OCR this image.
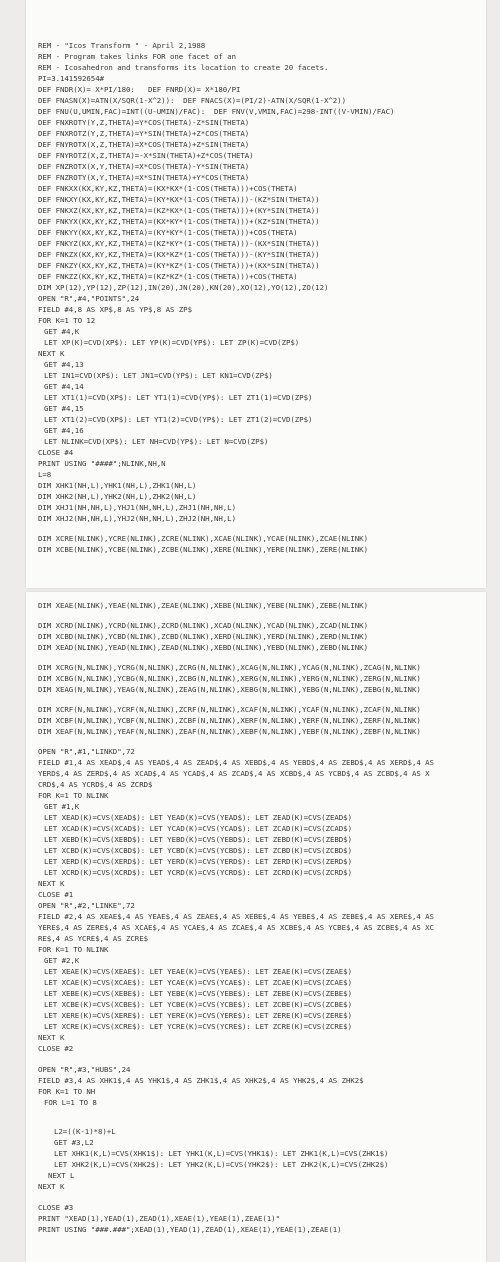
REM - "Icos Transform " - April 2,1988
REM - Program takes links FOR one facet of an
REM - Icosahedron and transforms its location to create 20 facets.
PI=3.141592654#
DEF FNDR(X)= X*PI/180:   DEF FNRD(X)= X*180/PI
DEF FNASN(X)=ATN(X/SQR(1-X^2)):  DEF FNACS(X)=(PI/2)-ATN(X/SQR(1-X^2))
DEF FNU(U,UMIN,FAC)=INT((U-UMIN)/FAC):  DEF FNV(V,VMIN,FAC)=298-INT((V-VMIN)/FAC)
DEF FNXROTY(Y,Z,THETA)=Y*COS(THETA)-Z*SIN(THETA)
DEF FNXROTZ(Y,Z,THETA)=Y*SIN(THETA)+Z*COS(THETA)
DEF FNYROTX(X,Z,THETA)=X*COS(THETA)+Z*SIN(THETA)
DEF FNYROTZ(X,Z,THETA)=-X*SIN(THETA)+Z*COS(THETA)
DEF FNZROTX(X,Y,THETA)=X*COS(THETA)-Y*SIN(THETA)
DEF FNZROTY(X,Y,THETA)=X*SIN(THETA)+Y*COS(THETA)
DEF FNKXX(KX,KY,KZ,THETA)=(KX*KX*(1-COS(THETA)))+COS(THETA)
DEF FNKXY(KX,KY,KZ,THETA)=(KY*KX*(1-COS(THETA)))-(KZ*SIN(THETA))
DEF FNKXZ(KX,KY,KZ,THETA)=(KZ*KX*(1-COS(THETA)))+(KY*SIN(THETA))
DEF FNKYX(KX,KY,KZ,THETA)=(KX*KY*(1-COS(THETA)))+(KZ*SIN(THETA))
DEF FNKYY(KX,KY,KZ,THETA)=(KY*KY*(1-COS(THETA)))+COS(THETA)
DEF FNKYZ(KX,KY,KZ,THETA)=(KZ*KY*(1-COS(THETA)))-(KX*SIN(THETA))
DEF FNKZX(KX,KY,KZ,THETA)=(KX*KZ*(1-COS(THETA)))-(KY*SIN(THETA))
DEF FNKZY(KX,KY,KZ,THETA)=(KY*KZ*(1-COS(THETA)))+(KX*SIN(THETA))
DEF FNKZZ(KX,KY,KZ,THETA)=(KZ*KZ*(1-COS(THETA)))+COS(THETA)
DIM XP(12),YP(12),ZP(12),IN(20),JN(20),KN(20),XO(12),YO(12),ZO(12)
OPEN "R",#4,"POINTS",24
FIELD #4,8 AS XP$,8 AS YP$,8 AS ZP$
FOR K=1 TO 12
GET #4,K
LET XP(K)=CVD(XP$): LET YP(K)=CVD(YP$): LET ZP(K)=CVD(ZP$)
NEXT K
GET #4,13
LET IN1=CVD(XP$): LET JN1=CVD(YP$): LET KN1=CVD(ZP$)
GET #4,14
LET XT1(1)=CVD(XP$): LET YT1(1)=CVD(YP$): LET ZT1(1)=CVD(ZP$)
GET #4,15
LET XT1(2)=CVD(XP$): LET YT1(2)=CVD(YP$): LET ZT1(2)=CVD(ZP$)
GET #4,16
LET NLINK=CVD(XP$): LET NH=CVD(YP$): LET N=CVD(ZP$)
CLOSE #4
PRINT USING "####";NLINK,NH,N
L=8
DIM XHK1(NH,L),YHK1(NH,L),ZHK1(NH,L)
DIM XHK2(NH,L),YHK2(NH,L),ZHK2(NH,L)
DIM XHJ1(NH,NH,L),YHJ1(NH,NH,L),ZHJ1(NH,NH,L)
DIM XHJ2(NH,NH,L),YHJ2(NH,NH,L),ZHJ2(NH,NH,L)
DIM XCRE(NLINK),YCRE(NLINK),ZCRE(NLINK),XCAE(NLINK),YCAE(NLINK),ZCAE(NLINK)
DIM XCBE(NLINK),YCBE(NLINK),ZCBE(NLINK),XERE(NLINK),YERE(NLINK),ZERE(NLINK)
DIM XEAE(NLINK),YEAE(NLINK),ZEAE(NLINK),XEBE(NLINK),YEBE(NLINK),ZEBE(NLINK)
DIM XCRD(NLINK),YCRD(NLINK),ZCRD(NLINK),XCAD(NLINK),YCAD(NLINK),ZCAD(NLINK)
DIM XCBD(NLINK),YCBD(NLINK),ZCBD(NLINK),XERD(NLINK),YERD(NLINK),ZERD(NLINK)
DIM XEAD(NLINK),YEAD(NLINK),ZEAD(NLINK),XEBD(NLINK),YEBD(NLINK),ZEBD(NLINK)
DIM XCRG(N,NLINK),YCRG(N,NLINK),ZCRG(N,NLINK),XCAG(N,NLINK),YCAG(N,NLINK),ZCAG(N,NLINK)
DIM XCBG(N,NLINK),YCBG(N,NLINK),ZCBG(N,NLINK),XERG(N,NLINK),YERG(N,NLINK),ZERG(N,NLINK)
DIM XEAG(N,NLINK),YEAG(N,NLINK),ZEAG(N,NLINK),XEBG(N,NLINK),YEBG(N,NLINK),ZEBG(N,NLINK)
DIM XCRF(N,NLINK),YCRF(N,NLINK),ZCRF(N,NLINK),XCAF(N,NLINK),YCAF(N,NLINK),ZCAF(N,NLINK)
DIM XCBF(N,NLINK),YCBF(N,NLINK),ZCBF(N,NLINK),XERF(N,NLINK),YERF(N,NLINK),ZERF(N,NLINK)
DIM XEAF(N,NLINK),YEAF(N,NLINK),ZEAF(N,NLINK),XEBF(N,NLINK),YEBF(N,NLINK),ZEBF(N,NLINK)
OPEN "R",#1,"LINKD",72
FIELD #1,4 AS XEAD$,4 AS YEAD$,4 AS ZEAD$,4 AS XEBD$,4 AS YEBD$,4 AS ZEBD$,4 AS XERD$,4 AS
YERD$,4 AS ZERD$,4 AS XCAD$,4 AS YCAD$,4 AS ZCAD$,4 AS XCBD$,4 AS YCBD$,4 AS ZCBD$,4 AS X
CRD$,4 AS YCRD$,4 AS ZCRD$
FOR K=1 TO NLINK
GET #1,K
LET XEAD(K)=CVS(XEAD$): LET YEAD(K)=CVS(YEAD$): LET ZEAD(K)=CVS(ZEAD$)
LET XCAD(K)=CVS(XCAD$): LET YCAD(K)=CVS(YCAD$): LET ZCAD(K)=CVS(ZCAD$)
LET XEBD(K)=CVS(XEBD$): LET YEBD(K)=CVS(YEBD$): LET ZEBD(K)=CVS(ZEBD$)
LET XCBD(K)=CVS(XCBD$): LET YCBD(K)=CVS(YCBD$): LET ZCBD(K)=CVS(ZCBD$)
LET XERD(K)=CVS(XERD$): LET YERD(K)=CVS(YERD$): LET ZERD(K)=CVS(ZERD$)
LET XCRD(K)=CVS(XCRD$): LET YCRD(K)=CVS(YCRD$): LET ZCRD(K)=CVS(ZCRD$)
NEXT K
CLOSE #1
OPEN "R",#2,"LINKE",72
FIELD #2,4 AS XEAE$,4 AS YEAE$,4 AS ZEAE$,4 AS XEBE$,4 AS YEBE$,4 AS ZEBE$,4 AS XERE$,4 AS
YERE$,4 AS ZERE$,4 AS XCAE$,4 AS YCAE$,4 AS ZCAE$,4 AS XCBE$,4 AS YCBE$,4 AS ZCBE$,4 AS XC
RE$,4 AS YCRE$,4 AS ZCRE$
FOR K=1 TO NLINK
GET #2,K
LET XEAE(K)=CVS(XEAE$): LET YEAE(K)=CVS(YEAE$): LET ZEAE(K)=CVS(ZEAE$)
LET XCAE(K)=CVS(XCAE$): LET YCAE(K)=CVS(YCAE$): LET ZCAE(K)=CVS(ZCAE$)
LET XEBE(K)=CVS(XEBE$): LET YEBE(K)=CVS(YEBE$): LET ZEBE(K)=CVS(ZEBE$)
LET XCBE(K)=CVS(XCBE$): LET YCBE(K)=CVS(YCBE$): LET ZCBE(K)=CVS(ZCBE$)
LET XERE(K)=CVS(XERE$): LET YERE(K)=CVS(YERE$): LET ZERE(K)=CVS(ZERE$)
LET XCRE(K)=CVS(XCRE$): LET YCRE(K)=CVS(YCRE$): LET ZCRE(K)=CVS(ZCRE$)
NEXT K
CLOSE #2
OPEN "R",#3,"HUBS",24
FIELD #3,4 AS XHK1$,4 AS YHK1$,4 AS ZHK1$,4 AS XHK2$,4 AS YHK2$,4 AS ZHK2$
FOR K=1 TO NH
FOR L=1 TO 8
L2=((K-1)*8)+L
GET #3,L2
LET XHK1(K,L)=CVS(XHK1$): LET YHK1(K,L)=CVS(YHK1$): LET ZHK1(K,L)=CVS(ZHK1$)
LET XHK2(K,L)=CVS(XHK2$): LET YHK2(K,L)=CVS(YHK2$): LET ZHK2(K,L)=CVS(ZHK2$)
NEXT L
NEXT K
CLOSE #3
PRINT "XEAD(1),YEAD(1),ZEAD(1),XEAE(1),YEAE(1),ZEAE(1)"
PRINT USING "###.###";XEAD(1),YEAD(1),ZEAD(1),XEAE(1),YEAE(1),ZEAE(1)
